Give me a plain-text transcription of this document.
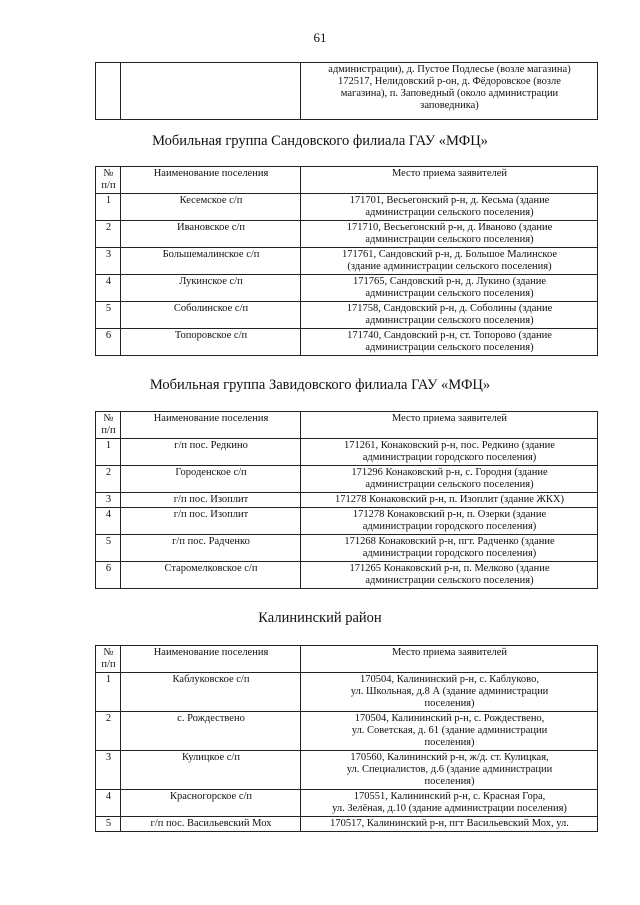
61
		администрации), д. Пустое Подлесье (возле магазина)
172517, Нелидовский р-он, д. Фёдоровское (возле
магазина), п. Заповедный (около администрации
заповедника)
Мобильная группа Сандовского филиала ГАУ «МФЦ»
№
п/п	Наименование поселения	Место приема заявителей
1	Кесемское с/п	171701, Весьегонский р-н, д. Кесьма (здание
администрации сельского поселения)
2	Ивановское с/п	171710, Весьегонский р-н, д. Иваново (здание
администрации сельского поселения)
3	Большемалинское с/п	171761, Сандовский р-н, д. Большое Малинское
(здание администрации сельского поселения)
4	Лукинское с/п	171765, Сандовский р-н, д. Лукино (здание
администрации сельского поселения)
5	Соболинское с/п	171758, Сандовский р-н, д. Соболины (здание
администрации сельского поселения)
6	Топоровское с/п	171740, Сандовский р-н, ст. Топорово (здание
администрации сельского поселения)
Мобильная группа Завидовского филиала ГАУ «МФЦ»
№
п/п	Наименование поселения	Место приема заявителей
1	г/п пос. Редкино	171261, Конаковский р-н, пос. Редкино (здание
администрации городского поселения)
2	Городенское с/п	171296 Конаковский р-н, с. Городня (здание
администрации сельского поселения)
3	г/п пос. Изоплит	171278 Конаковский р-н, п. Изоплит (здание ЖКХ)
4	г/п пос. Изоплит	171278 Конаковский р-н, п. Озерки (здание
администрации городского поселения)
5	г/п пос. Радченко	171268 Конаковский р-н, пгт. Радченко (здание
администрации городского поселения)
6	Старомелковское с/п	171265 Конаковский р-н, п. Мелково (здание
администрации сельского поселения)
Калининский район
№
п/п	Наименование поселения	Место приема заявителей
1	Каблуковское с/п	170504, Калининский р-н, с. Каблуково,
ул. Школьная, д.8 А (здание администрации
поселения)
2	с. Рождествено	170504, Калининский р-н, с. Рождествено,
ул. Советская, д. 61 (здание администрации
поселения)
3	Кулицкое с/п	170560, Калининский р-н, ж/д. ст. Кулицкая,
ул. Специалистов, д.6 (здание администрации
поселения)
4	Красногорское с/п	170551, Калининский р-н, с. Красная Гора,
ул. Зелёная, д.10 (здание администрации поселения)
5	г/п пос. Васильевский Мох	170517, Калининский р-н, пгт Васильевский Мох, ул.
